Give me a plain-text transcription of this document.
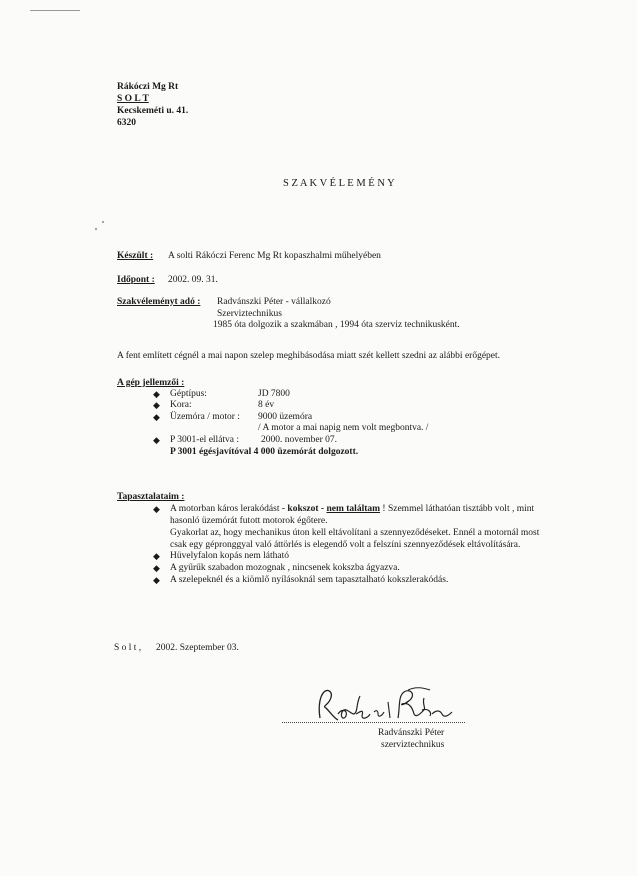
Rákóczi Mg Rt
S O L T
Kecskeméti u. 41.
6320
S Z A K V É L E M É N Y
Készült : A solti Rákóczi Ferenc Mg Rt kopaszhalmi műhelyében
Időpont : 2002. 09. 31.
Szakvéleményt adó : Radvánszki Péter - vállalkozó
Szerviztechnikus
1985 óta dolgozik a szakmában , 1994 óta szerviz technikusként.
A fent említett cégnél a mai napon szelep meghibásodása miatt szét kellett szedni az alábbi erőgépet.
A gép jellemzői :
◆ Géptípus:	JD 7800
◆ Kora:	8 év
◆ Üzemóra / motor : 9000 üzemóra
/ A motor a mai napig nem volt megbontva. /
◆ P 3001-el ellátva : 2000. november 07.
P 3001 égésjavítóval 4 000 üzemórát dolgozott.
Tapasztalataim :
◆ A motorban káros lerakódást - kokszot - nem találtam ! Szemmel láthatóan tisztább volt , mint
hasonló üzemórát futott motorok égőtere.
Gyakorlat az, hogy mechanikus úton kell eltávolítani a szennyeződéseket. Ennél a motornál most
csak egy gépronggyal való áttörlés is elegendő volt a felszíni szennyeződések eltávolítására.
◆ Hüvelyfalon kopás nem látható
◆ A gyűrűk szabadon mozognak , nincsenek kokszba ágyazva.
◆ A szelepeknél és a kiömlő nyílásoknál sem tapasztalható kokszlerakódás.
S o l t , 2002. Szeptember 03.
Radvánszki Péter
szerviztechnikus
